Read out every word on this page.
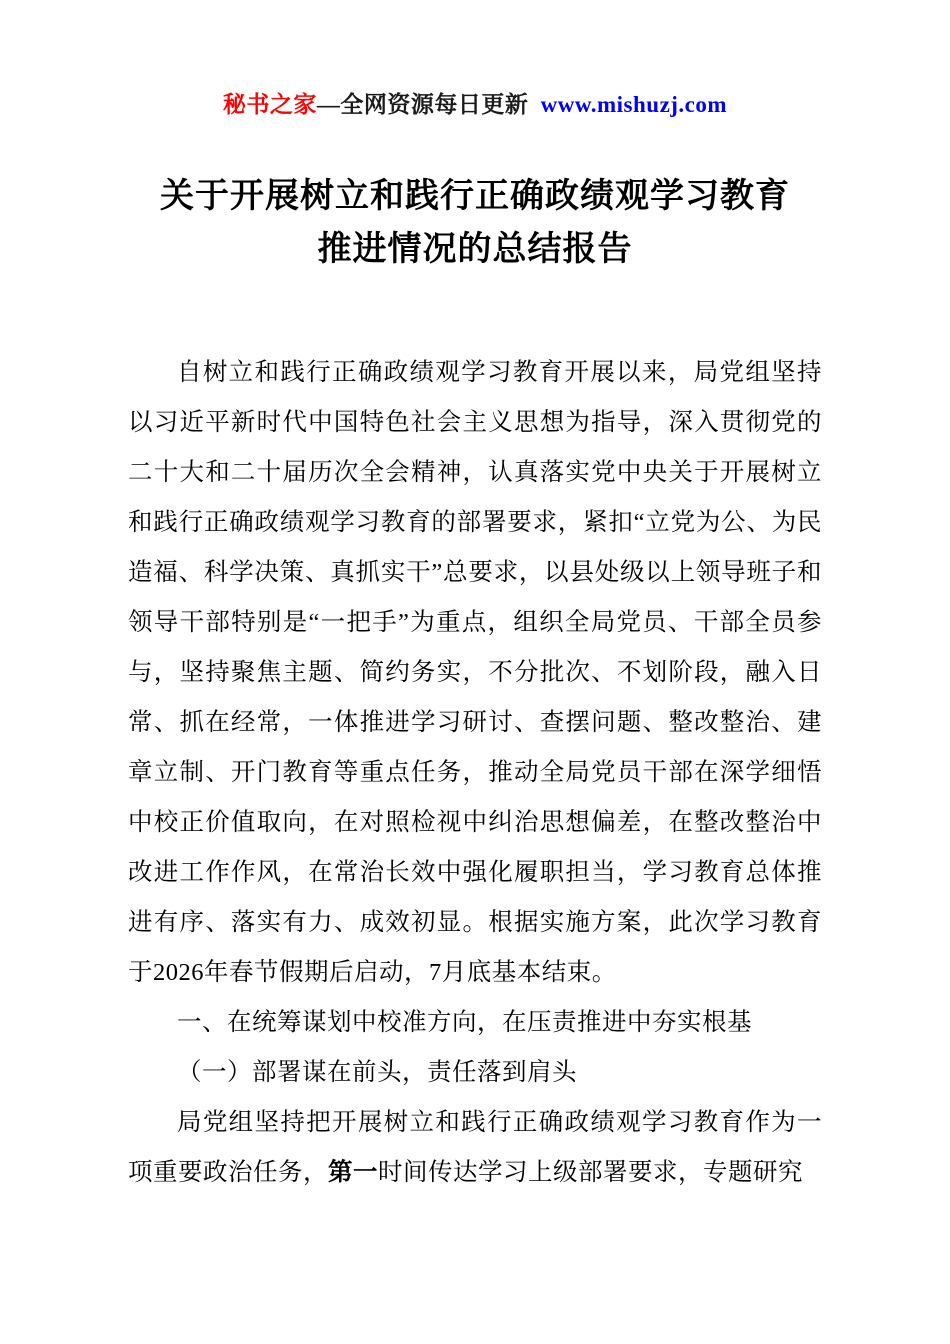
秘书之家—全网资源每日更新 www.mishuzj.com
关于开展树立和践行正确政绩观学习教育
推进情况的总结报告

自树立和践行正确政绩观学习教育开展以来，局党组坚持以习近平新时代中国特色社会主义思想为指导，深入贯彻党的二十大和二十届历次全会精神，认真落实党中央关于开展树立和践行正确政绩观学习教育的部署要求，紧扣“立党为公、为民造福、科学决策、真抓实干”总要求，以县处级以上领导班子和领导干部特别是“一把手”为重点，组织全局党员、干部全员参与，坚持聚焦主题、简约务实，不分批次、不划阶段，融入日常、抓在经常，一体推进学习研讨、查摆问题、整改整治、建章立制、开门教育等重点任务，推动全局党员干部在深学细悟中校正价值取向，在对照检视中纠治思想偏差，在整改整治中改进工作作风，在常治长效中强化履职担当，学习教育总体推进有序、落实有力、成效初显。根据实施方案，此次学习教育于2026年春节假期后启动，7月底基本结束。

一、在统筹谋划中校准方向，在压责推进中夯实根基

（一）部署谋在前头，责任落到肩头

局党组坚持把开展树立和践行正确政绩观学习教育作为一项重要政治任务，第一时间传达学习上级部署要求，专题研究
